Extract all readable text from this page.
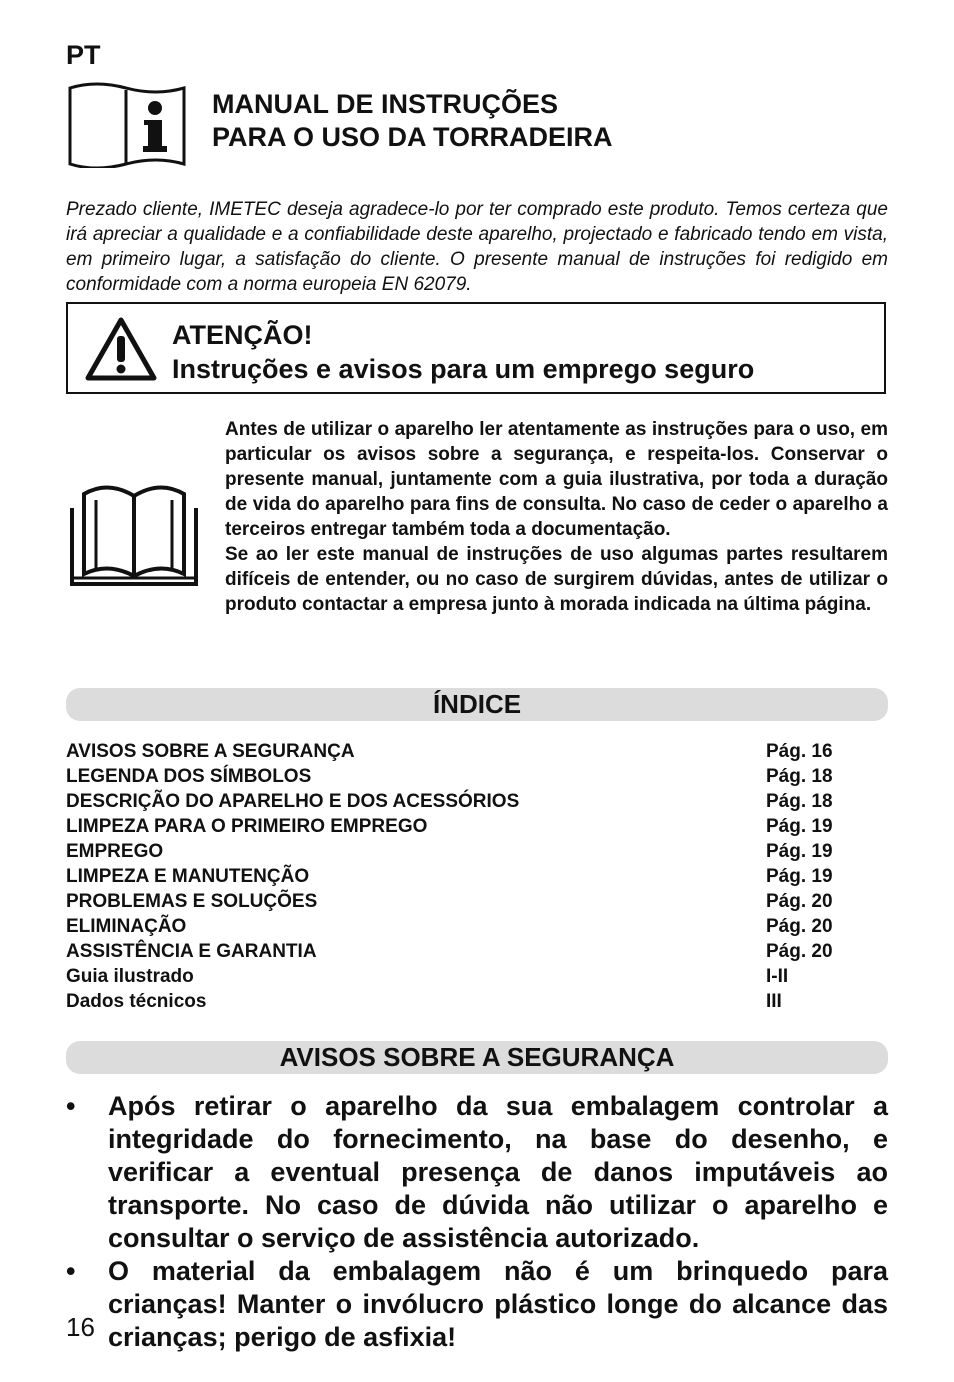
PT
MANUAL DE INSTRUÇÕES
PARA O USO DA TORRADEIRA
Prezado cliente, IMETEC deseja agradece-lo por ter comprado este produto. Temos certeza que irá apreciar a qualidade e a confiabilidade deste aparelho, projectado e fabricado tendo em vista, em primeiro lugar, a satisfação do cliente. O presente manual de instruções foi redigido em conformidade com a norma europeia EN 62079.
ATENÇÃO!
Instruções e avisos para um emprego seguro
Antes de utilizar o aparelho ler atentamente as instruções para o uso, em particular os avisos sobre a segurança, e respeita-los. Conservar o presente manual, juntamente com a guia ilustrativa, por toda a duração de vida do aparelho para fins de consulta. No caso de ceder o aparelho a terceiros entregar também toda a documentação.
Se ao ler este manual de instruções de uso algumas partes resultarem difíceis de entender, ou no caso de surgirem dúvidas, antes de utilizar o produto contactar a empresa junto à morada indicada na última página.
ÍNDICE
AVISOS SOBRE A SEGURANÇA	Pág. 16
LEGENDA DOS SÍMBOLOS	Pág. 18
DESCRIÇÃO DO APARELHO E DOS ACESSÓRIOS	Pág. 18
LIMPEZA PARA O PRIMEIRO EMPREGO	Pág. 19
EMPREGO	Pág. 19
LIMPEZA E MANUTENÇÃO	Pág. 19
PROBLEMAS E SOLUÇÕES	Pág. 20
ELIMINAÇÃO	Pág. 20
ASSISTÊNCIA E GARANTIA	Pág. 20
Guia ilustrado	I-II
Dados técnicos	III
AVISOS SOBRE A SEGURANÇA
• Após retirar o aparelho da sua embalagem controlar a integridade do fornecimento, na base do desenho, e verificar a eventual presença de danos imputáveis ao transporte. No caso de dúvida não utilizar o aparelho e consultar o serviço de assistência autorizado.
• O material da embalagem não é um brinquedo para crianças! Manter o invólucro plástico longe do alcance das crianças; perigo de asfixia!
16
